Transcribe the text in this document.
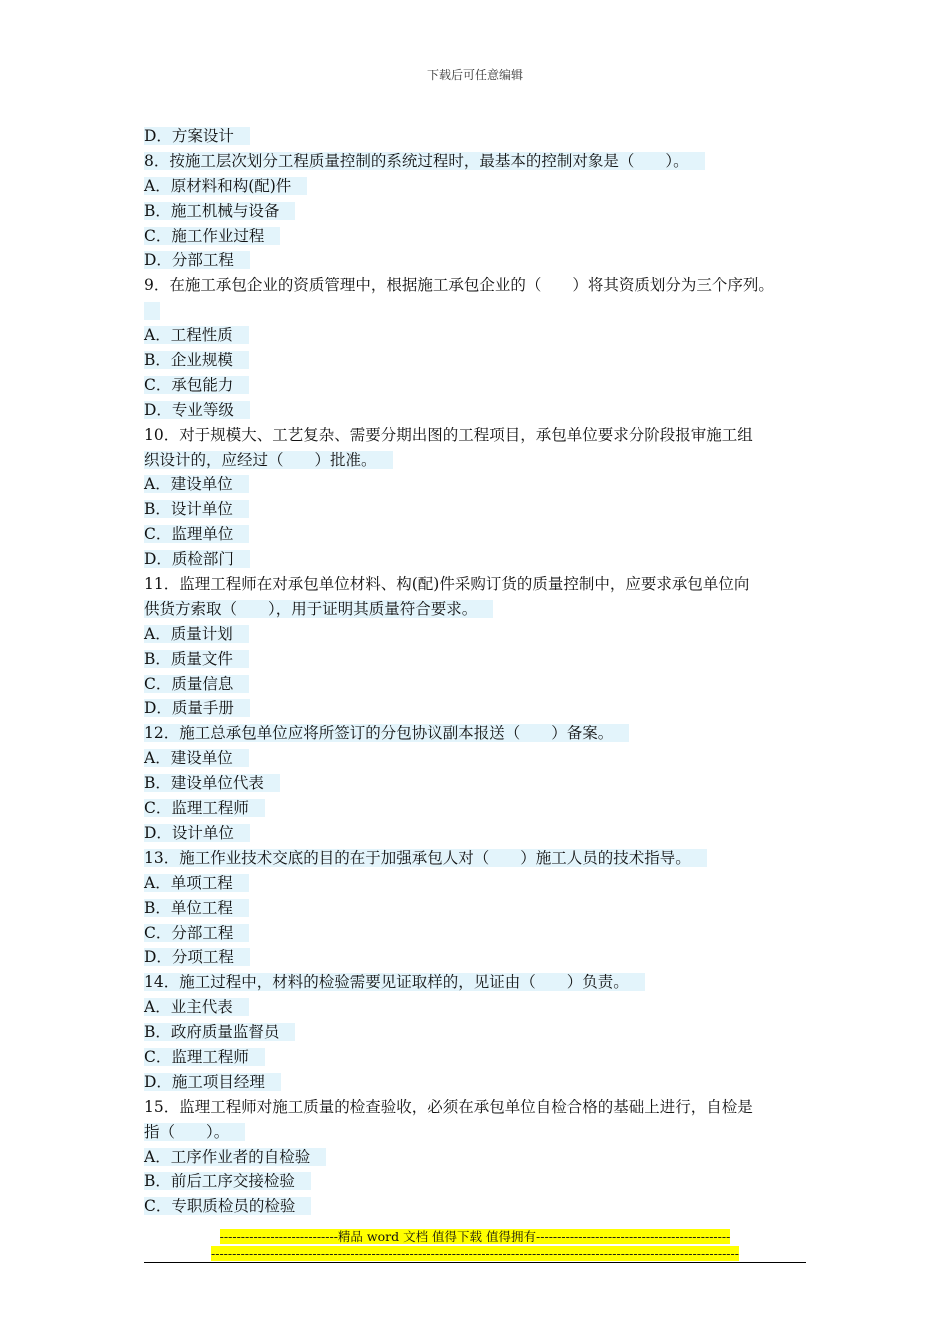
下载后可任意编辑
D．方案设计
8．按施工层次划分工程质量控制的系统过程时，最基本的控制对象是（　　）。
A．原材料和构(配)件
B．施工机械与设备
C．施工作业过程
D．分部工程
9．在施工承包企业的资质管理中，根据施工承包企业的（　　）将其资质划分为三个序列。
A．工程性质
B．企业规模
C．承包能力
D．专业等级
10．对于规模大、工艺复杂、需要分期出图的工程项目，承包单位要求分阶段报审施工组
织设计的，应经过（　　）批准。
A．建设单位
B．设计单位
C．监理单位
D．质检部门
11．监理工程师在对承包单位材料、构(配)件采购订货的质量控制中，应要求承包单位向
供货方索取（　　），用于证明其质量符合要求。
A．质量计划
B．质量文件
C．质量信息
D．质量手册
12．施工总承包单位应将所签订的分包协议副本报送（　　）备案。
A．建设单位
B．建设单位代表
C．监理工程师
D．设计单位
13．施工作业技术交底的目的在于加强承包人对（　　）施工人员的技术指导。
A．单项工程
B．单位工程
C．分部工程
D．分项工程
14．施工过程中，材料的检验需要见证取样的，见证由（　　）负责。
A．业主代表
B．政府质量监督员
C．监理工程师
D．施工项目经理
15．监理工程师对施工质量的检查验收，必须在承包单位自检合格的基础上进行，自检是
指（　　）。
A．工序作业者的自检验
B．前后工序交接检验
C．专职质检员的检验
----------------------------精品 word 文档 值得下载 值得拥有----------------------------------------------
-----------------------------------------------------------------------------------------------------------------------------
